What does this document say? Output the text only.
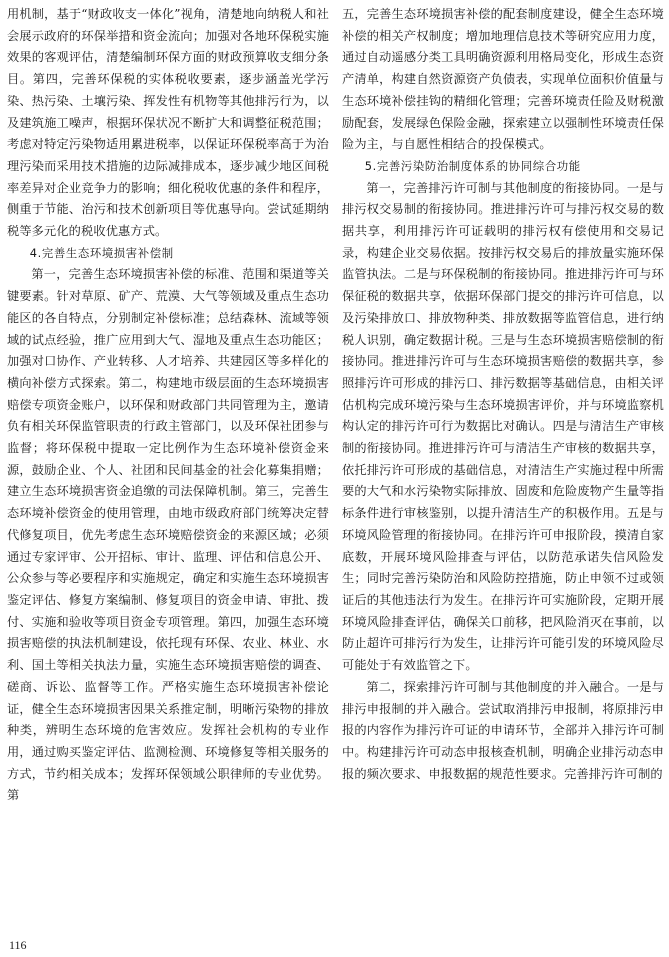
用机制，基于“财政收支一体化”视角，清楚地向纳税人和社会展示政府的环保举措和资金流向；加强对各地环保税实施效果的客观评估，清楚编制环保方面的财政预算收支细分条目。第四，完善环保税的实体税收要素，逐步涵盖光学污染、热污染、土壤污染、挥发性有机物等其他排污行为，以及建筑施工噪声，根据环保状况不断扩大和调整征税范围；考虑对特定污染物适用累进税率，以保证环保税率高于为治理污染而采用技术措施的边际减排成本，逐步减少地区间税率差异对企业竞争力的影响；细化税收优惠的条件和程序，侧重于节能、治污和技术创新项目等优惠导向。尝试延期纳税等多元化的税收优惠方式。

4.完善生态环境损害补偿制

第一，完善生态环境损害补偿的标准、范围和渠道等关键要素。针对草原、矿产、荒漠、大气等领域及重点生态功能区的各自特点，分别制定补偿标准；总结森林、流域等领域的试点经验，推广应用到大气、湿地及重点生态功能区；加强对口协作、产业转移、人才培养、共建园区等多样化的横向补偿方式探索。第二，构建地市级层面的生态环境损害赔偿专项资金账户，以环保和财政部门共同管理为主，邀请负有相关环保监管职责的行政主管部门，以及环保社团参与监督；将环保税中提取一定比例作为生态环境补偿资金来源，鼓励企业、个人、社团和民间基金的社会化募集捐赠；建立生态环境损害资金追缴的司法保障机制。第三，完善生态环境补偿资金的使用管理，由地市级政府部门统筹决定替代修复项目，优先考虑生态环境赔偿资金的来源区域；必须通过专家评审、公开招标、审计、监理、评估和信息公开、公众参与等必要程序和实施规定，确定和实施生态环境损害鉴定评估、修复方案编制、修复项目的资金申请、审批、拨付、实施和验收等项目资金专项管理。第四，加强生态环境损害赔偿的执法机制建设，依托现有环保、农业、林业、水利、国土等相关执法力量，实施生态环境损害赔偿的调查、磋商、诉讼、监督等工作。严格实施生态环境损害补偿论证，健全生态环境损害因果关系推定制，明晰污染物的排放种类，辨明生态环境的危害效应。发挥社会机构的专业作用，通过购买鉴定评估、监测检测、环境修复等相关服务的方式，节约相关成本；发挥环保领域公职律师的专业优势。第

五，完善生态环境损害补偿的配套制度建设，健全生态环境补偿的相关产权制度；增加地理信息技术等研究应用力度，通过自动遥感分类工具明确资源利用格局变化，形成生态资产清单，构建自然资源资产负债表，实现单位面积价值量与生态环境补偿挂钩的精细化管理；完善环境责任险及财税激励配套，发展绿色保险金融，探索建立以强制性环境责任保险为主，与自愿性相结合的投保模式。

5.完善污染防治制度体系的协同综合功能

第一，完善排污许可制与其他制度的衔接协同。一是与排污权交易制的衔接协同。推进排污许可与排污权交易的数据共享，利用排污许可证载明的排污权有偿使用和交易记录，构建企业交易依据。按排污权交易后的排放量实施环保监管执法。二是与环保税制的衔接协同。推进排污许可与环保征税的数据共享，依据环保部门提交的排污许可信息，以及污染排放口、排放物种类、排放数据等监管信息，进行纳税人识别，确定数据计税。三是与生态环境损害赔偿制的衔接协同。推进排污许可与生态环境损害赔偿的数据共享，参照排污许可形成的排污口、排污数据等基础信息，由相关评估机构完成环境污染与生态环境损害评价，并与环境监察机构认定的排污许可行为数据比对确认。四是与清洁生产审核制的衔接协同。推进排污许可与清洁生产审核的数据共享，依托排污许可形成的基础信息，对清洁生产实施过程中所需要的大气和水污染物实际排放、固废和危险废物产生量等指标条件进行审核鉴别，以提升清洁生产的积极作用。五是与环境风险管理的衔接协同。在排污许可申报阶段，摸清自家底数，开展环境风险排查与评估，以防范承诺失信风险发生；同时完善污染防治和风险防控措施，防止申领不过或领证后的其他违法行为发生。在排污许可实施阶段，定期开展环境风险排查评估，确保关口前移，把风险消灭在事前，以防止超许可排污行为发生，让排污许可能引发的环境风险尽可能处于有效监管之下。

第二，探索排污许可制与其他制度的并入融合。一是与排污申报制的并入融合。尝试取消排污申报制，将原排污申报的内容作为排污许可证的申请环节，全部并入排污许可制中。构建排污许可动态申报核查机制，明确企业排污动态申报的频次要求、申报数据的规范性要求。完善排污许可制的

116
